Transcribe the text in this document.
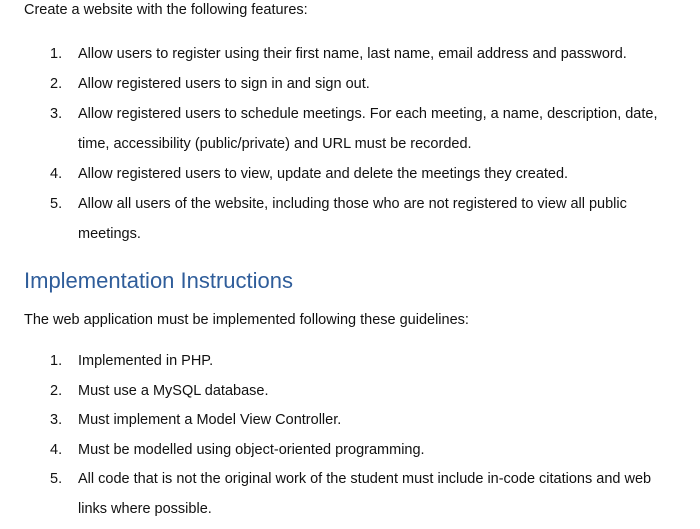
Create a website with the following features:

1.	Allow users to register using their first name, last name, email address and password.
2.	Allow registered users to sign in and sign out.
3.	Allow registered users to schedule meetings. For each meeting, a name, description, date, time, accessibility (public/private) and URL must be recorded.
4.	Allow registered users to view, update and delete the meetings they created.
5.	Allow all users of the website, including those who are not registered to view all public meetings.
Implementation Instructions

The web application must be implemented following these guidelines:

1.	Implemented in PHP.
2.	Must use a MySQL database.
3.	Must implement a Model View Controller.
4.	Must be modelled using object-oriented programming.
5.	All code that is not the original work of the student must include in-code citations and web links where possible.
